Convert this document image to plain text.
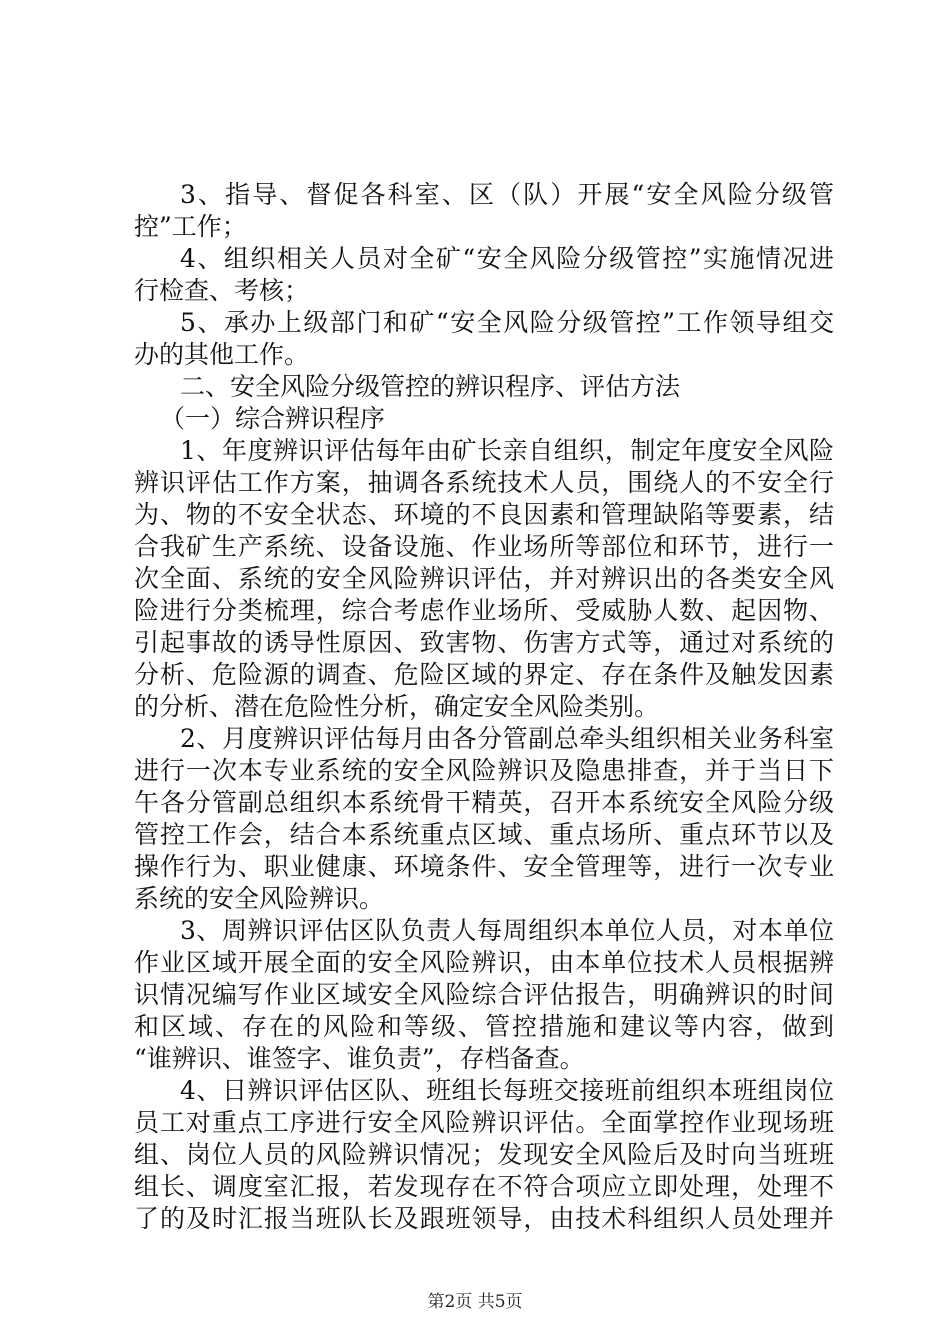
3、指导、督促各科室、区（队）开展“安全风险分级管
控”工作；
4、组织相关人员对全矿“安全风险分级管控”实施情况进
行检查、考核；
5、承办上级部门和矿“安全风险分级管控”工作领导组交
办的其他工作。
二、安全风险分级管控的辨识程序、评估方法
（一）综合辨识程序
1、年度辨识评估每年由矿长亲自组织，制定年度安全风险
辨识评估工作方案，抽调各系统技术人员，围绕人的不安全行
为、物的不安全状态、环境的不良因素和管理缺陷等要素，结
合我矿生产系统、设备设施、作业场所等部位和环节，进行一
次全面、系统的安全风险辨识评估，并对辨识出的各类安全风
险进行分类梳理，综合考虑作业场所、受威胁人数、起因物、
引起事故的诱导性原因、致害物、伤害方式等，通过对系统的
分析、危险源的调查、危险区域的界定、存在条件及触发因素
的分析、潜在危险性分析，确定安全风险类别。
2、月度辨识评估每月由各分管副总牵头组织相关业务科室
进行一次本专业系统的安全风险辨识及隐患排查，并于当日下
午各分管副总组织本系统骨干精英，召开本系统安全风险分级
管控工作会，结合本系统重点区域、重点场所、重点环节以及
操作行为、职业健康、环境条件、安全管理等，进行一次专业
系统的安全风险辨识。
3、周辨识评估区队负责人每周组织本单位人员，对本单位
作业区域开展全面的安全风险辨识，由本单位技术人员根据辨
识情况编写作业区域安全风险综合评估报告，明确辨识的时间
和区域、存在的风险和等级、管控措施和建议等内容，做到
“谁辨识、谁签字、谁负责”，存档备查。
4、日辨识评估区队、班组长每班交接班前组织本班组岗位
员工对重点工序进行安全风险辨识评估。全面掌控作业现场班
组、岗位人员的风险辨识情况；发现安全风险后及时向当班班
组长、调度室汇报，若发现存在不符合项应立即处理，处理不
了的及时汇报当班队长及跟班领导，由技术科组织人员处理并
第2页 共5页
